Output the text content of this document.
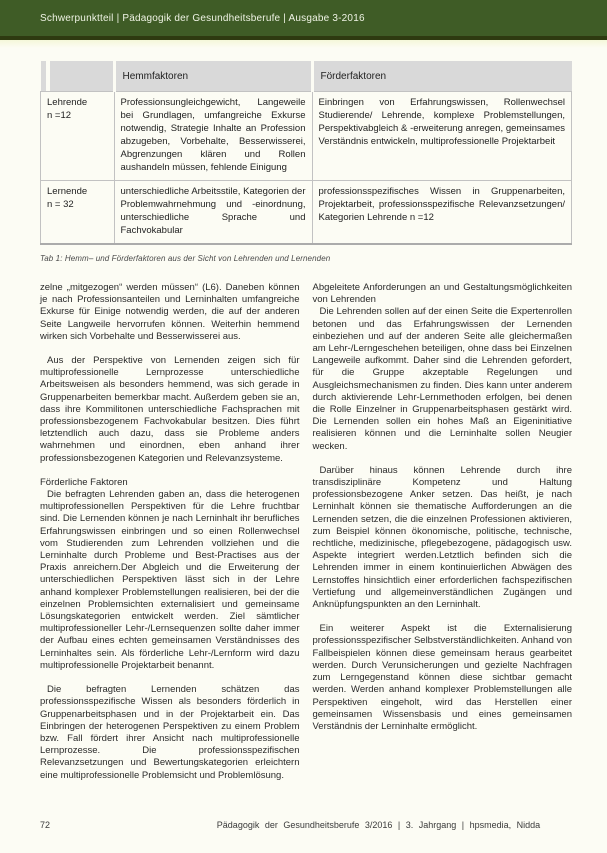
Schwerpunktteil | Pädagogik der Gesundheitsberufe | Ausgabe 3-2016
	Hemmfaktoren	Förderfaktoren

Lehrende
n =12
	Professionsungleichgewicht, Langeweile bei Grundlagen, umfangreiche Exkurse notwendig, Strategie Inhalte an Profession abzugeben, Vorbehalte, Besserwisserei, Abgrenzungen klären und Rollen aushandeln müssen, fehlende Einigung	Einbringen von Erfahrungswissen, Rollenwechsel Studierende/ Lehrende, komplexe Problemstellungen, Perspektivabgleich & -erweiterung anregen, gemeinsames Verständnis entwickeln, multiprofessionelle Projektarbeit

Lernende
n = 32	unterschiedliche Arbeitsstile, Kategorien der Problemwahrnehmung und -einordnung, unterschiedliche Sprache und Fachvokabular	professionsspezifisches Wissen in Gruppenarbeiten, Projektarbeit, professionsspezifische Relevanzsetzungen/ Kategorien Lehrende n =12
Tab 1: Hemm– und Förderfaktoren aus der Sicht von Lehrenden und Lernenden

zelne „mitgezogen“ werden müssen“ (L6). Daneben können je nach Professionsanteilen und Lerninhalten umfangreiche Exkurse für Einige notwendig werden, die auf der anderen Seite Langweile hervorrufen können. Weiterhin hemmend wirken sich Vorbehalte und Besserwisserei aus.

Aus der Perspektive von Lernenden zeigen sich für multiprofessionelle Lernprozesse unterschiedliche Arbeitsweisen als besonders hemmend, was sich gerade in Gruppenarbeiten bemerkbar macht. Außerdem geben sie an, dass ihre Kommilitonen unterschiedliche Fachsprachen mit professionsbezogenem Fachvokabular besitzen. Dies führt letztendlich auch dazu, dass sie Probleme anders wahrnehmen und einordnen, eben anhand ihrer professionsbezogenen Kategorien und Relevanzsysteme.

Förderliche Faktoren

Die befragten Lehrenden gaben an, dass die heterogenen multiprofessionellen Perspektiven für die Lehre fruchtbar sind. Die Lernenden können je nach Lerninhalt ihr berufliches Erfahrungswissen einbringen und so einen Rollenwechsel vom Studierenden zum Lehrenden vollziehen und die Lerninhalte durch Probleme und Best-Practises aus der Praxis anreichern.Der Abgleich und die Erweiterung der unterschiedlichen Perspektiven lässt sich in der Lehre anhand komplexer Problemstellungen realisieren, bei der die einzelnen Problemsichten externalisiert und gemeinsame Lösungskategorien entwickelt werden. Ziel sämtlicher multiprofessioneller Lehr-/Lernsequenzen sollte daher immer der Aufbau eines echten gemeinsamen Verständnisses des Lerninhaltes sein. Als förderliche Lehr-/Lernform wird dazu multiprofessionelle Projektarbeit benannt.

Die befragten Lernenden schätzen das professionsspezifische Wissen als besonders förderlich in Gruppenarbeitsphasen und in der Projektarbeit ein. Das Einbringen der heterogenen Perspektiven zu einem Problem bzw. Fall fördert ihrer Ansicht nach multiprofessionelle Lernprozesse. Die professionsspezifischen Relevanzsetzungen und Bewertungskategorien erleichtern eine multiprofessionelle Problemsicht und Problemlösung.

Abgeleitete Anforderungen an und Gestaltungsmöglichkeiten von Lehrenden

Die Lehrenden sollen auf der einen Seite die Expertenrollen betonen und das Erfahrungswissen der Lernenden einbeziehen und auf der anderen Seite alle gleichermaßen am Lehr-/Lerngeschehen beteiligen, ohne dass bei Einzelnen Langeweile aufkommt. Daher sind die Lehrenden gefordert, für die Gruppe akzeptable Regelungen und Ausgleichsmechanismen zu finden. Dies kann unter anderem durch aktivierende Lehr-Lernmethoden erfolgen, bei denen die Rolle Einzelner in Gruppenarbeitsphasen gestärkt wird. Die Lernenden sollen ein hohes Maß an Eigeninitiative realisieren können und die Lerninhalte sollen Neugier wecken.

Darüber hinaus können Lehrende durch ihre transdisziplinäre Kompetenz und Haltung professionsbezogene Anker setzen. Das heißt, je nach Lerninhalt können sie thematische Aufforderungen an die Lernenden setzen, die die einzelnen Professionen aktivieren, zum Beispiel können ökonomische, politische, technische, rechtliche, medizinische, pflegebezogene, pädagogisch usw. Aspekte integriert werden.Letztlich befinden sich die Lehrenden immer in einem kontinuierlichen Abwägen des Lernstoffes hinsichtlich einer erforderlichen fachspezifischen Vertiefung und allgemeinverständlichen Zugängen und Anknüpfungspunkten an den Lerninhalt.

Ein weiterer Aspekt ist die Externalisierung professionsspezifischer Selbstverständlichkeiten. Anhand von Fallbeispielen können diese gemeinsam heraus gearbeitet werden. Durch Verunsicherungen und gezielte Nachfragen zum Lerngegenstand können diese sichtbar gemacht werden. Werden anhand komplexer Problemstellungen alle Perspektiven eingeholt, wird das Herstellen einer gemeinsamen Wissensbasis und eines gemeinsamen Verständnis der Lerninhalte ermöglicht.

72	Pädagogik der Gesundheitsberufe 3/2016 | 3. Jahrgang | hpsmedia, Nidda
